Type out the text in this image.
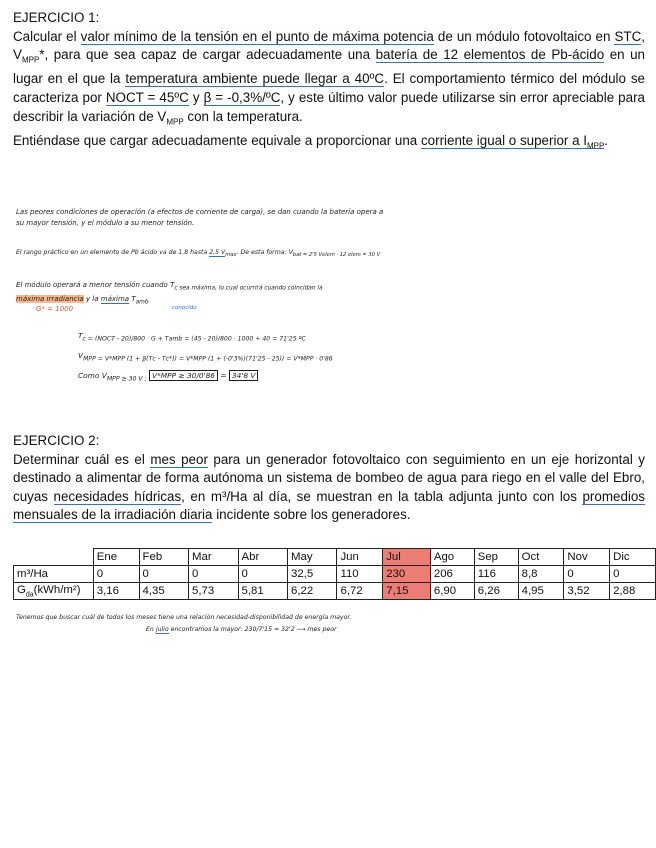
EJERCICIO 1:

Calcular el valor mínimo de la tensión en el punto de máxima potencia de un módulo fotovoltaico en STC, $V_{MPP}*$, para que sea capaz de cargar adecuadamente una batería de 12 elementos de Pb-ácido en un lugar en el que la temperatura ambiente puede llegar a 40ºC. El comportamiento térmico del módulo se caracteriza por NOCT = 45ºC y β = -0,3%/ºC, y este último valor puede utilizarse sin error apreciable para describir la variación de $V_{MPP}$ con la temperatura.

Entiéndase que cargar adecuadamente equivale a proporcionar una corriente igual o superior a $I_{MPP}$.

Las peores condiciones de operación (a efectos de corriente de carga), se dan cuando la batería opera a
su mayor tensión, y el módulo a su menor tensión.
El rango práctico en un elemento de Pb ácido va de 1.8 hasta 2,5 $V_{max}$. De esta forma: $V_{bat = 2'5 Velem \cdot 12 elem = 30 V}$
El módulo operará a menor tensión cuando $T_{c sea máxima, lo cual ocurrirá cuando coincidan la}$
máxima irradiancia y la máxima $T_{amb}$
G* = 1000	conocido
$T_{c = (NOCT - 20)/800 \cdot G + Tamb = (45 - 20)/800 \cdot 1000 + 40 = 71'25 ºC}$
$V_{MPP = V*MPP (1 + \beta(Tc - Tc*)) = V*MPP (1 + (-0'3\%)(71'25 - 25)) = V*MPP \cdot 0'86}$
Como $V_{MPP \ge 30 V ;}$ V*MPP ≥ 30/0'86 = 34'8 V
EJERCICIO 2:

Determinar cuál es el mes peor para un generador fotovoltaico con seguimiento en un eje horizontal y destinado a alimentar de forma autónoma un sistema de bombeo de agua para riego en el valle del Ebro, cuyas necesidades hídricas, en m³/Ha al día, se muestran en la tabla adjunta junto con los promedios mensuales de la irradiación diaria incidente sobre los generadores.

	Ene	Feb	Mar	Abr	May	Jun	Jul	Ago	Sep	Oct	Nov	Dic
m³/Ha	0	0	0	0	32,5	110	230	206	116	8,8	0	0
$G_{da}(kWh/m^2)$	3,16	4,35	5,73	5,81	6,22	6,72	7,15	6,90	6,26	4,95	3,52	2,88
Tenemos que buscar cuál de todos los meses tiene una relación necesidad-disponibilidad de energía mayor.
En julio encontramos la mayor: 230/7'15 = 32'2 ⟶ mes peor
